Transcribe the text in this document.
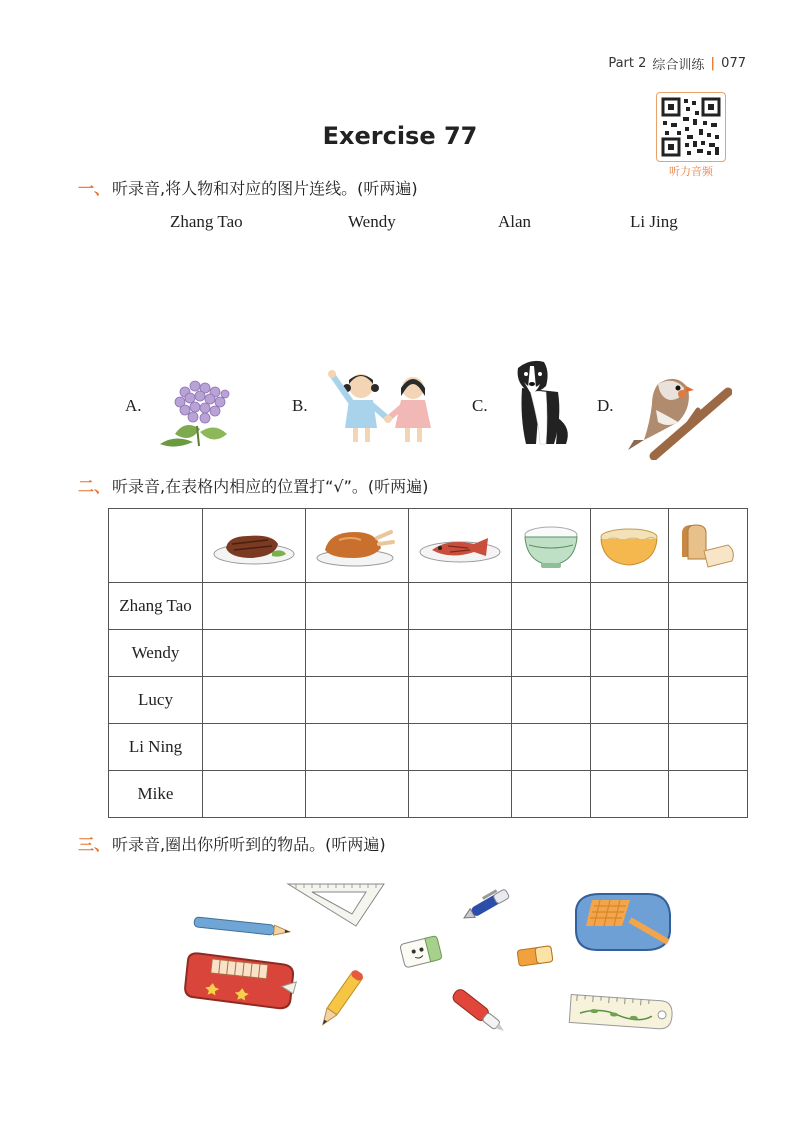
Part 2 综合训练 | 077
听力音频
Exercise 77
一、 听录音,将人物和对应的图片连线。(听两遍)
Zhang Tao	Wendy	Alan	Li Jing
A.	B.	C.	D.
二、 听录音,在表格内相应的位置打“√”。(听两遍)

Zhang Tao						
Wendy						
Lucy						
Li Ning						
Mike						
三、 听录音,圈出你所听到的物品。(听两遍)
